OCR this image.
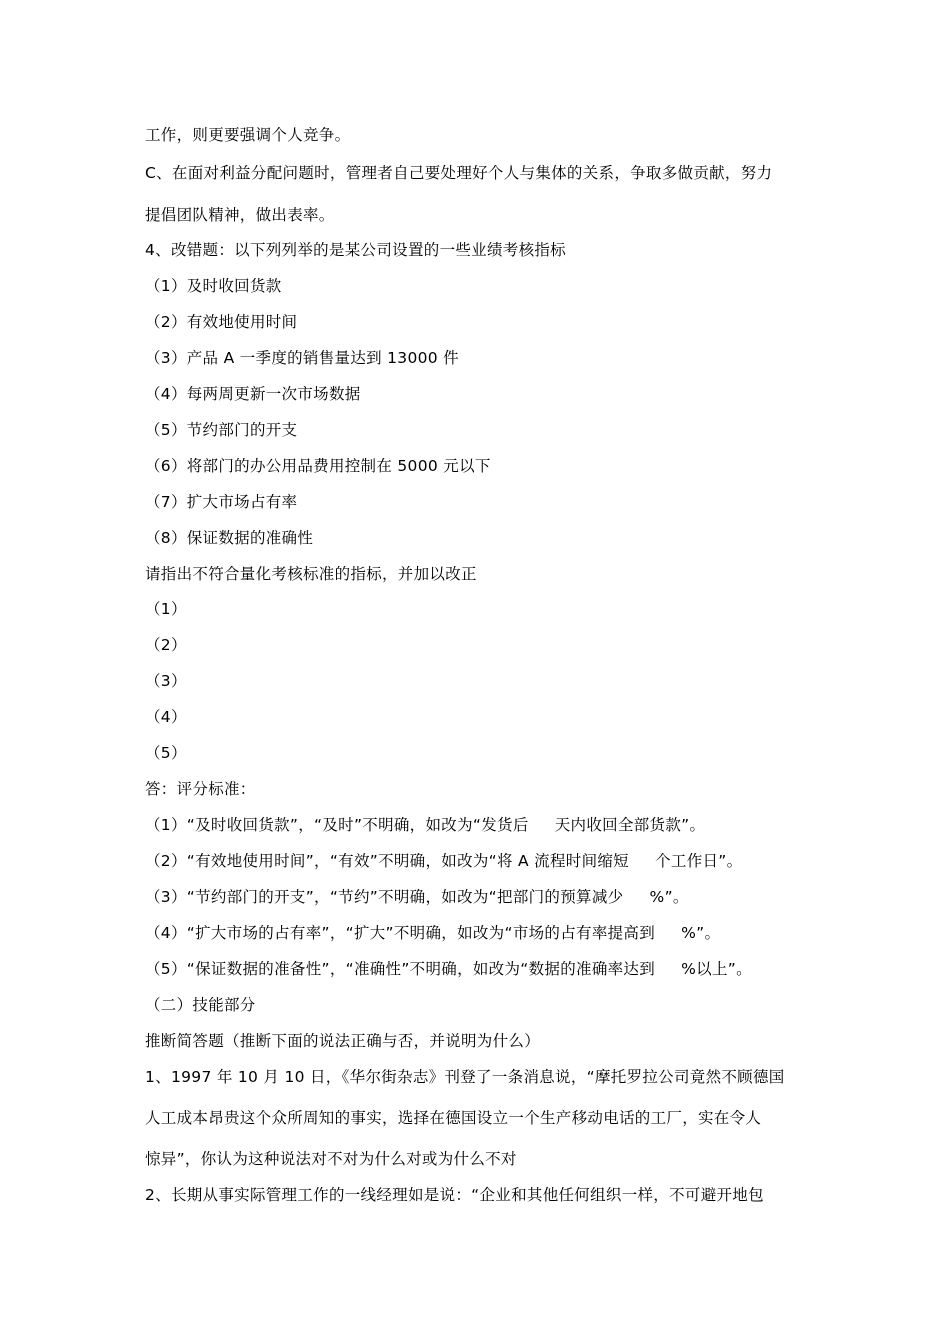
工作，则更要强调个人竞争。
C、在面对利益分配问题时，管理者自己要处理好个人与集体的关系，争取多做贡献，努力
提倡团队精神，做出表率。
4、改错题：以下列列举的是某公司设置的一些业绩考核指标
（1）及时收回货款
（2）有效地使用时间
（3）产品 A 一季度的销售量达到 13000 件
（4）每两周更新一次市场数据
（5）节约部门的开支
（6）将部门的办公用品费用控制在 5000 元以下
（7）扩大市场占有率
（8）保证数据的准确性
请指出不符合量化考核标准的指标，并加以改正
（1）
（2）
（3）
（4）
（5）
答：评分标准：
（1）“及时收回货款”，“及时”不明确，如改为“发货后     天内收回全部货款”。
（2）“有效地使用时间”，“有效”不明确，如改为“将 A 流程时间缩短     个工作日”。
（3）“节约部门的开支”，“节约”不明确，如改为“把部门的预算减少     %”。
（4）“扩大市场的占有率”，“扩大”不明确，如改为“市场的占有率提高到     %”。
（5）“保证数据的准备性”，“准确性”不明确，如改为“数据的准确率达到     %以上”。
（二）技能部分
推断简答题（推断下面的说法正确与否，并说明为什么）
1、1997 年 10 月 10 日，《华尔街杂志》刊登了一条消息说，“摩托罗拉公司竟然不顾德国
人工成本昂贵这个众所周知的事实，选择在德国设立一个生产移动电话的工厂，实在令人
惊异”，你认为这种说法对不对为什么对或为什么不对
2、长期从事实际管理工作的一线经理如是说：“企业和其他任何组织一样，不可避开地包
